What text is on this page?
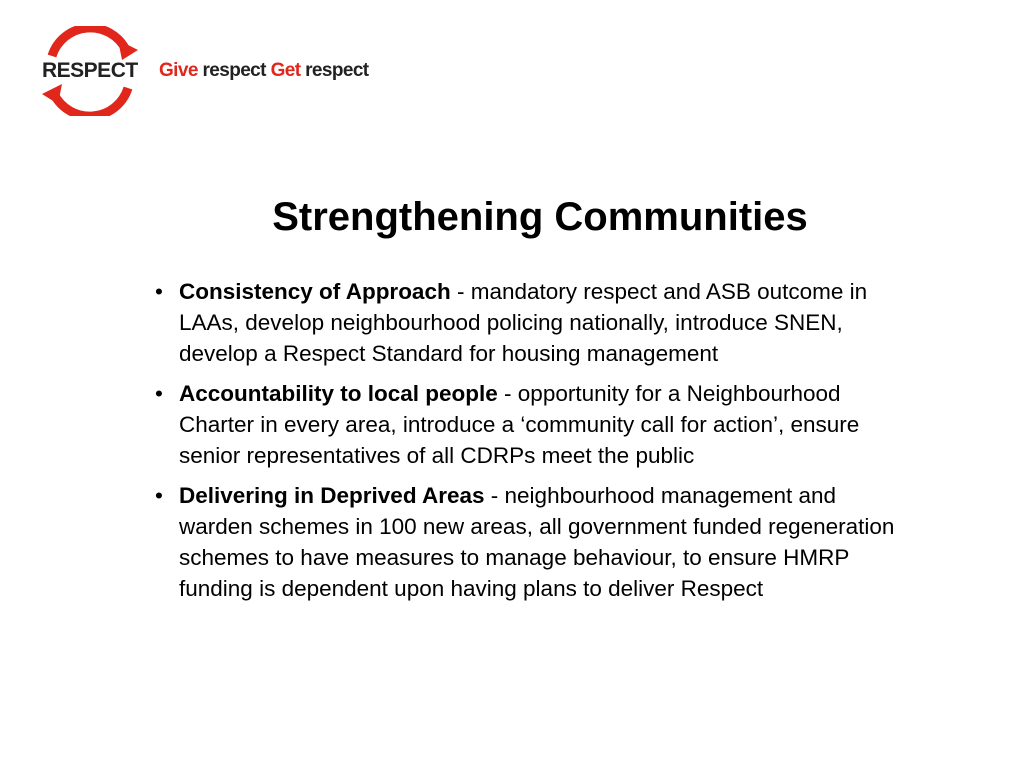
RESPECT Give respect Get respect
Strengthening Communities
• Consistency of Approach - mandatory respect and ASB outcome in LAAs, develop neighbourhood policing nationally, introduce SNEN, develop a Respect Standard for housing management
• Accountability to local people - opportunity for a Neighbourhood Charter in every area, introduce a ‘community call for action’, ensure senior representatives of all CDRPs meet the public
• Delivering in Deprived Areas - neighbourhood management and warden schemes in 100 new areas, all government funded regeneration schemes to have measures to manage behaviour, to ensure HMRP funding is dependent upon having plans to deliver Respect
